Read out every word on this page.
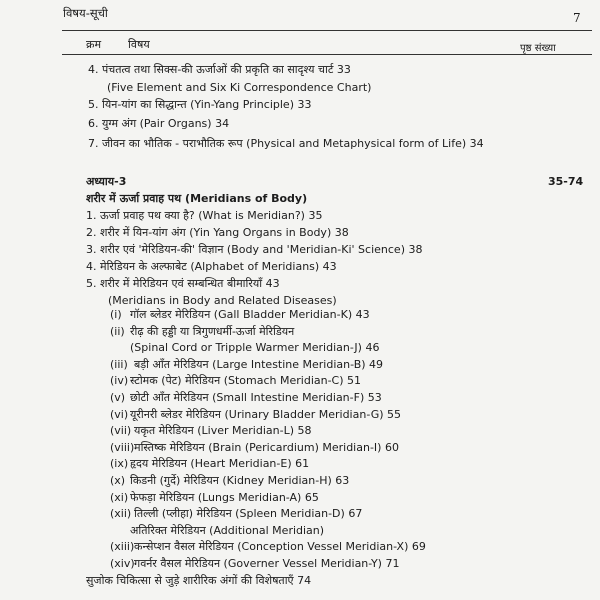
विषय-सूची	7
क्रम विषय	पृष्ठ संख्या
4. पंचतत्व तथा सिक्स-की ऊर्जाओं की प्रकृति का सादृश्य चार्ट 33
(Five Element and Six Ki Correspondence Chart)
5. यिन-यांग का सिद्धान्त (Yin-Yang Principle) 33
6. युग्म अंग (Pair Organs) 34
7. जीवन का भौतिक - पराभौतिक रूप (Physical and Metaphysical form of Life) 34
अध्याय-3	35-74
शरीर में ऊर्जा प्रवाह पथ (Meridians of Body)
1. ऊर्जा प्रवाह पथ क्या है? (What is Meridian?) 35
2. शरीर में यिन-यांग अंग (Yin Yang Organs in Body) 38
3. शरीर एवं 'मेरिडियन-की' विज्ञान (Body and 'Meridian-Ki' Science) 38
4. मेरिडियन के अल्फाबेट (Alphabet of Meridians) 43
5. शरीर में मेरिडियन एवं सम्बन्धित बीमारियाँ 43
(Meridians in Body and Related Diseases)
(i) गॉल ब्लेडर मेरिडियन (Gall Bladder Meridian-K) 43
(ii) रीढ़ की हड्डी या त्रिगुणधर्मी-ऊर्जा मेरिडियन
(Spinal Cord or Tripple Warmer Meridian-J) 46
(iii) बड़ी आँत मेरिडियन (Large Intestine Meridian-B) 49
(iv) स्टोमक (पेट) मेरिडियन (Stomach Meridian-C) 51
(v) छोटी आँत मेरिडियन (Small Intestine Meridian-F) 53
(vi) यूरीनरी ब्लेडर मेरिडियन (Urinary Bladder Meridian-G) 55
(vii) यकृत मेरिडियन (Liver Meridian-L) 58
(viii) मस्तिष्क मेरिडियन (Brain (Pericardium) Meridian-I) 60
(ix) हृदय मेरिडियन (Heart Meridian-E) 61
(x) किडनी (गुर्दे) मेरिडियन (Kidney Meridian-H) 63
(xi) फेफड़ा मेरिडियन (Lungs Meridian-A) 65
(xii) तिल्ली (प्लीहा) मेरिडियन (Spleen Meridian-D) 67
अतिरिक्त मेरिडियन (Additional Meridian)
(xiii) कन्सेप्शन वैसल मेरिडियन (Conception Vessel Meridian-X) 69
(xiv) गवर्नर वैसल मेरिडियन (Governer Vessel Meridian-Y) 71
सुजोक चिकित्सा से जुड़े शारीरिक अंगों की विशेषताएँ 74
